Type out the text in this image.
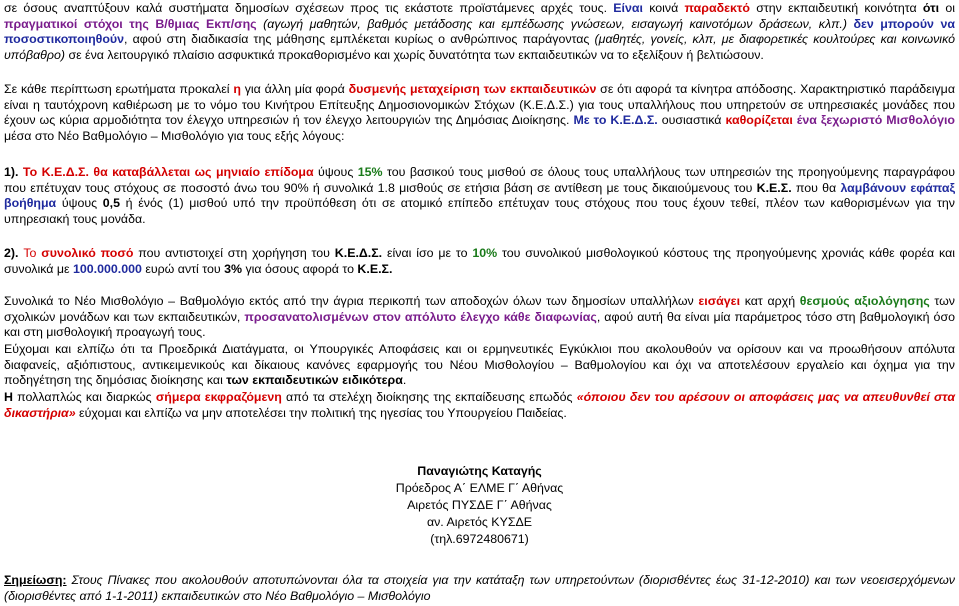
σε όσους αναπτύξουν καλά συστήματα δημοσίων σχέσεων προς τις εκάστοτε προϊστάμενες αρχές τους. Είναι κοινά παραδεκτό στην εκπαιδευτική κοινότητα ότι οι πραγματικοί στόχοι της Β/θμιας Εκπ/σης (αγωγή μαθητών, βαθμός μετάδοσης και εμπέδωσης γνώσεων, εισαγωγή καινοτόμων δράσεων, κλπ.) δεν μπορούν να ποσοστικοποιηθούν, αφού στη διαδικασία της μάθησης εμπλέκεται κυρίως ο ανθρώπινος παράγοντας (μαθητές, γονείς, κλπ, με διαφορετικές κουλτούρες και κοινωνικό υπόβαθρο) σε ένα λειτουργικό πλαίσιο ασφυκτικά προκαθορισμένο και χωρίς δυνατότητα των εκπαιδευτικών να το εξελίξουν ή βελτιώσουν.

Σε κάθε περίπτωση ερωτήματα προκαλεί η για άλλη μία φορά δυσμενής μεταχείριση των εκπαιδευτικών σε ότι αφορά τα κίνητρα απόδοσης. Χαρακτηριστικό παράδειγμα είναι η ταυτόχρονη καθιέρωση με το νόμο του Κινήτρου Επίτευξης Δημοσιονομικών Στόχων (Κ.Ε.Δ.Σ.) για τους υπαλλήλους που υπηρετούν σε υπηρεσιακές μονάδες που έχουν ως κύρια αρμοδιότητα τον έλεγχο υπηρεσιών ή τον έλεγχο λειτουργιών της Δημόσιας Διοίκησης. Με το Κ.Ε.Δ.Σ. ουσιαστικά καθορίζεται ένα ξεχωριστό Μισθολόγιο μέσα στο Νέο Βαθμολόγιο – Μισθολόγιο για τους εξής λόγους:

1). Το Κ.Ε.Δ.Σ. θα καταβάλλεται ως μηνιαίο επίδομα ύψους 15% του βασικού τους μισθού σε όλους τους υπαλλήλους των υπηρεσιών της προηγούμενης παραγράφου που επέτυχαν τους στόχους σε ποσοστό άνω του 90% ή συνολικά 1.8 μισθούς σε ετήσια βάση σε αντίθεση με τους δικαιούμενους του Κ.Ε.Σ. που θα λαμβάνουν εφάπαξ βοήθημα ύψους 0,5 ή ένός (1) μισθού υπό την προϋπόθεση ότι σε ατομικό επίπεδο επέτυχαν τους στόχους που τους έχουν τεθεί, πλέον των καθορισμένων για την υπηρεσιακή τους μονάδα.

2). Το συνολικό ποσό που αντιστοιχεί στη χορήγηση του Κ.Ε.Δ.Σ. είναι ίσο με το 10% του συνολικού μισθολογικού κόστους της προηγούμενης χρονιάς κάθε φορέα και συνολικά με 100.000.000 ευρώ αντί του 3% για όσους αφορά το Κ.Ε.Σ.

Συνολικά το Νέο Μισθολόγιο – Βαθμολόγιο εκτός από την άγρια περικοπή των αποδοχών όλων των δημοσίων υπαλλήλων εισάγει κατ αρχή θεσμούς αξιολόγησης των σχολικών μονάδων και των εκπαιδευτικών, προσανατολισμένων στον απόλυτο έλεγχο κάθε διαφωνίας, αφού αυτή θα είναι μία παράμετρος τόσο στη βαθμολογική όσο και στη μισθολογική προαγωγή τους.

Εύχομαι και ελπίζω ότι τα Προεδρικά Διατάγματα, οι Υπουργικές Αποφάσεις και οι ερμηνευτικές Εγκύκλιοι που ακολουθούν να ορίσουν και να προωθήσουν απόλυτα διαφανείς, αξιόπιστους, αντικειμενικούς και δίκαιους κανόνες εφαρμογής του Νέου Μισθολογίου – Βαθμολογίου και όχι να αποτελέσουν εργαλείο και όχημα για την ποδηγέτηση της δημόσιας διοίκησης και των εκπαιδευτικών ειδικότερα.

Η πολλαπλώς και διαρκώς σήμερα εκφραζόμενη από τα στελέχη διοίκησης της εκπαίδευσης επωδός «όποιου δεν του αρέσουν οι αποφάσεις μας να απευθυνθεί στα δικαστήρια» εύχομαι και ελπίζω να μην αποτελέσει την πολιτική της ηγεσίας του Υπουργείου Παιδείας.

Παναγιώτης Καταγής
Πρόεδρος Α΄ ΕΛΜΕ Γ΄ Αθήνας
Αιρετός ΠΥΣΔΕ Γ΄ Αθήνας
αν. Αιρετός ΚΥΣΔΕ
(τηλ.6972480671)

Σημείωση: Στους Πίνακες που ακολουθούν αποτυπώνονται όλα τα στοιχεία για την κατάταξη των υπηρετούντων (διορισθέντες έως 31-12-2010) και των νεοεισερχόμενων (διορισθέντες από 1-1-2011) εκπαιδευτικών στο Νέο Βαθμολόγιο – Μισθολόγιο
